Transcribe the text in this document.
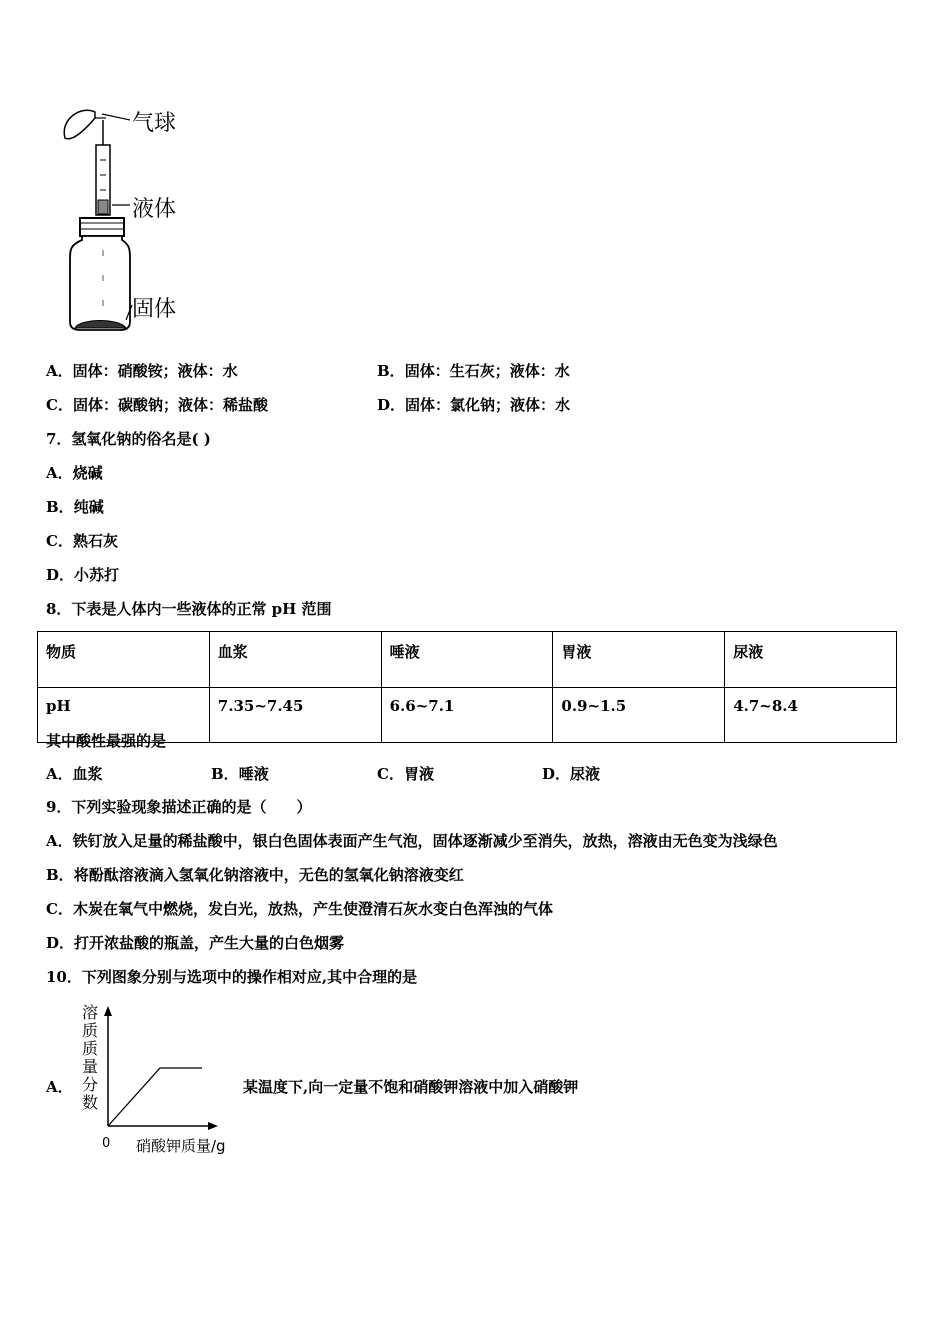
气球
液体
固体
A．固体：硝酸铵；液体：水	B．固体：生石灰；液体：水
C．固体：碳酸钠；液体：稀盐酸	D．固体：氯化钠；液体：水
7．氢氧化钠的俗名是( )
A．烧碱
B．纯碱
C．熟石灰
D．小苏打
8．下表是人体内一些液体的正常 pH 范围
物质	血浆	唾液	胃液	尿液
pH	7.35~7.45	6.6~7.1	0.9~1.5	4.7~8.4
其中酸性最强的是
A．血浆	B．唾液	C．胃液	D．尿液
9．下列实验现象描述正确的是（　　）
A．铁钉放入足量的稀盐酸中，银白色固体表面产生气泡，固体逐渐减少至消失，放热，溶液由无色变为浅绿色
B．将酚酞溶液滴入氢氧化钠溶液中，无色的氢氧化钠溶液变红
C．木炭在氧气中燃烧，发白光，放热，产生使澄清石灰水变白色浑浊的气体
D．打开浓盐酸的瓶盖，产生大量的白色烟雾
10．下列图象分别与选项中的操作相对应,其中合理的是
A．
溶
质
质
量
分
数
0 硝酸钾质量/g
某温度下,向一定量不饱和硝酸钾溶液中加入硝酸钾
